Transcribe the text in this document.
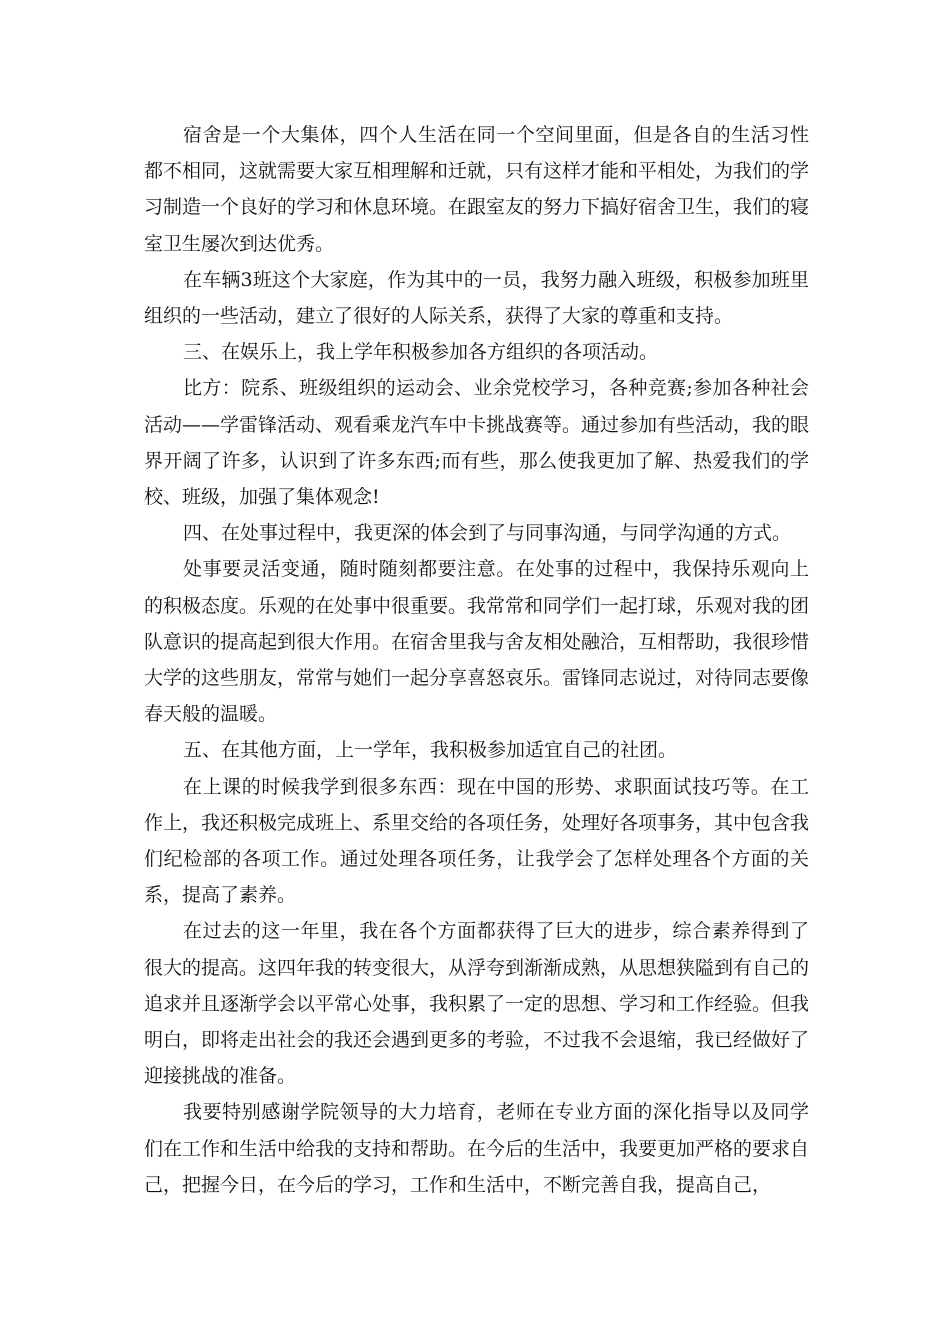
宿舍是一个大集体，四个人生活在同一个空间里面，但是各自的生活习性都不相同，这就需要大家互相理解和迁就，只有这样才能和平相处，为我们的学习制造一个良好的学习和休息环境。在跟室友的努力下搞好宿舍卫生，我们的寝室卫生屡次到达优秀。

在车辆3班这个大家庭，作为其中的一员，我努力融入班级，积极参加班里组织的一些活动，建立了很好的人际关系，获得了大家的尊重和支持。

三、在娱乐上，我上学年积极参加各方组织的各项活动。

比方：院系、班级组织的运动会、业余党校学习，各种竞赛;参加各种社会活动——学雷锋活动、观看乘龙汽车中卡挑战赛等。通过参加有些活动，我的眼界开阔了许多，认识到了许多东西;而有些，那么使我更加了解、热爱我们的学校、班级，加强了集体观念!

四、在处事过程中，我更深的体会到了与同事沟通，与同学沟通的方式。

处事要灵活变通，随时随刻都要注意。在处事的过程中，我保持乐观向上的积极态度。乐观的在处事中很重要。我常常和同学们一起打球，乐观对我的团队意识的提高起到很大作用。在宿舍里我与舍友相处融洽，互相帮助，我很珍惜大学的这些朋友，常常与她们一起分享喜怒哀乐。雷锋同志说过，对待同志要像春天般的温暖。

五、在其他方面，上一学年，我积极参加适宜自己的社团。

在上课的时候我学到很多东西：现在中国的形势、求职面试技巧等。在工作上，我还积极完成班上、系里交给的各项任务，处理好各项事务，其中包含我们纪检部的各项工作。通过处理各项任务，让我学会了怎样处理各个方面的关系，提高了素养。

在过去的这一年里，我在各个方面都获得了巨大的进步，综合素养得到了很大的提高。这四年我的转变很大，从浮夸到渐渐成熟，从思想狭隘到有自己的追求并且逐渐学会以平常心处事，我积累了一定的思想、学习和工作经验。但我明白，即将走出社会的我还会遇到更多的考验，不过我不会退缩，我已经做好了迎接挑战的准备。

我要特别感谢学院领导的大力培育，老师在专业方面的深化指导以及同学们在工作和生活中给我的支持和帮助。在今后的生活中，我要更加严格的要求自己，把握今日，在今后的学习，工作和生活中，不断完善自我，提高自己，
